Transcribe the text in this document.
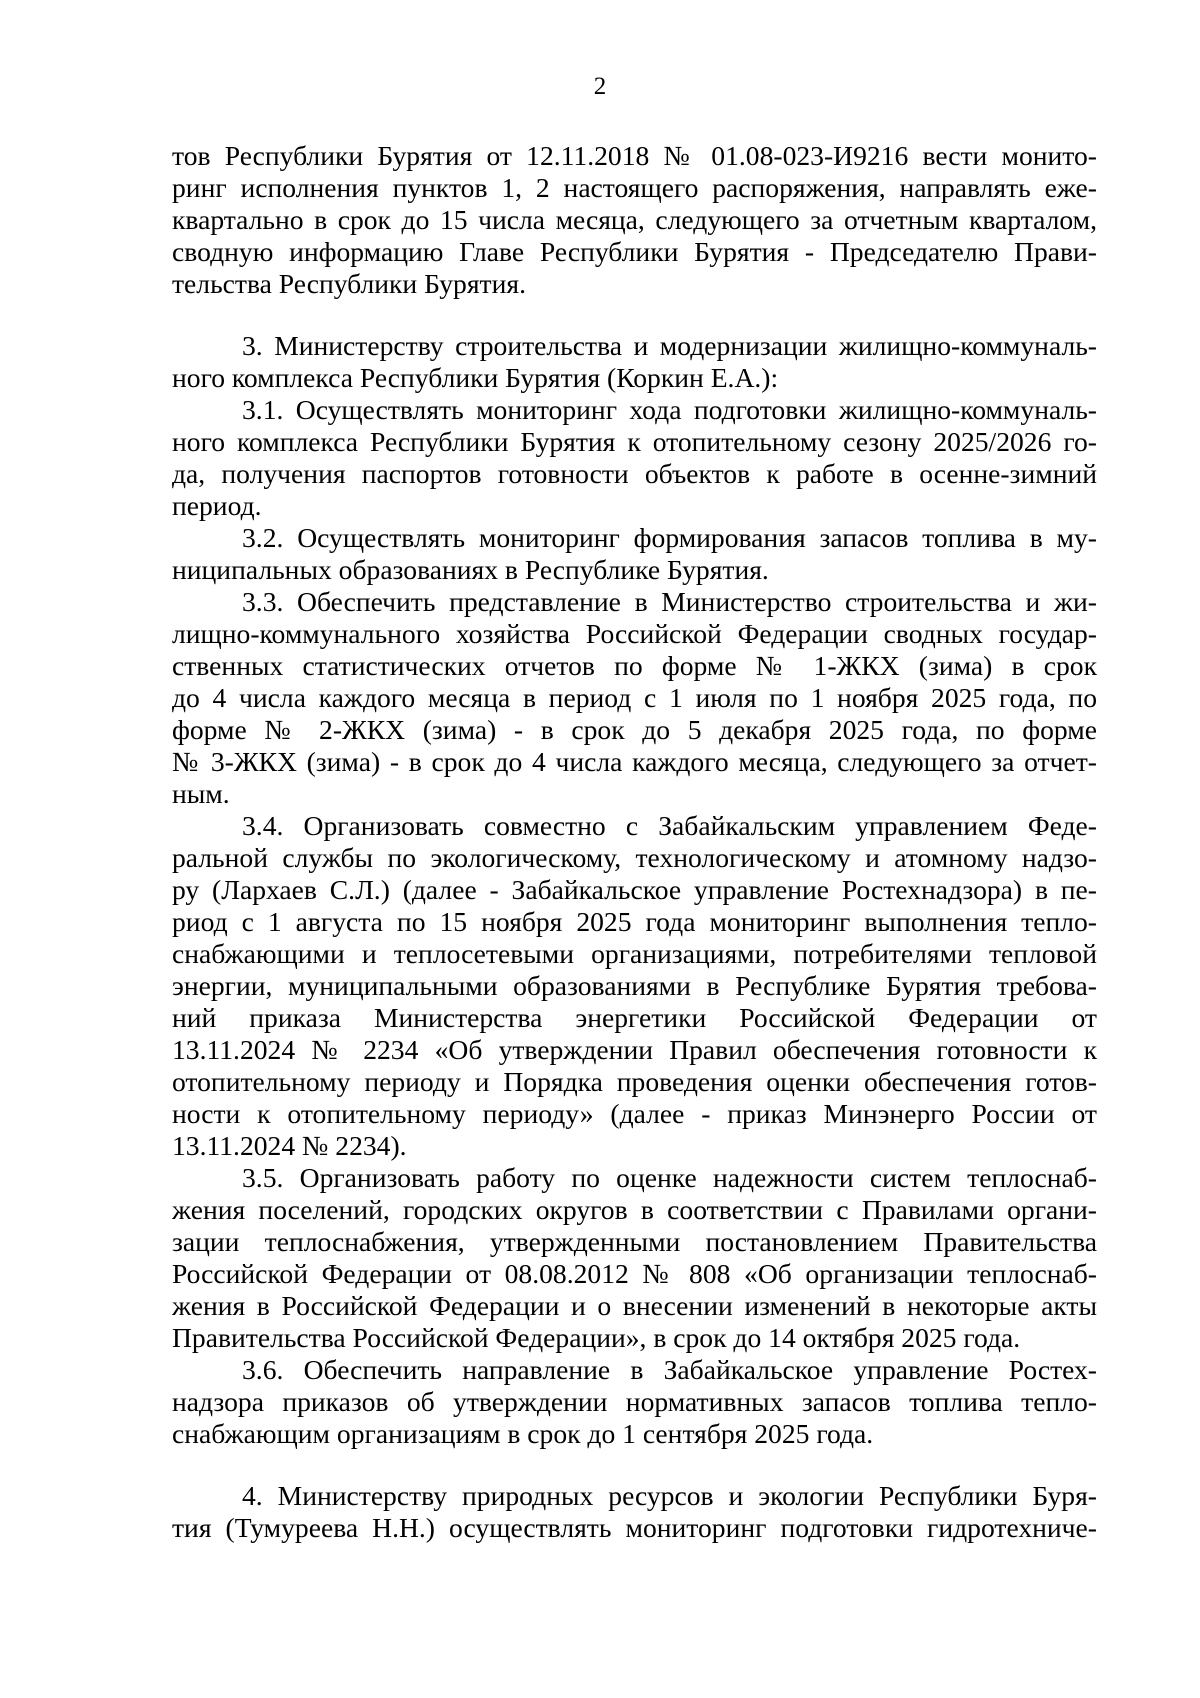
2
тов Республики Бурятия от 12.11.2018 № 01.08-023-И9216 вести монито-
ринг исполнения пунктов 1, 2 настоящего распоряжения, направлять еже-
квартально в срок до 15 числа месяца, следующего за отчетным кварталом,
сводную информацию Главе Республики Бурятия - Председателю Прави-
тельства Республики Бурятия.
3. Министерству строительства и модернизации жилищно-коммуналь-
ного комплекса Республики Бурятия (Коркин Е.А.):
3.1. Осуществлять мониторинг хода подготовки жилищно-коммуналь-
ного комплекса Республики Бурятия к отопительному сезону 2025/2026 го-
да, получения паспортов готовности объектов к работе в осенне-зимний
период.
3.2. Осуществлять мониторинг формирования запасов топлива в му-
ниципальных образованиях в Республике Бурятия.
3.3. Обеспечить представление в Министерство строительства и жи-
лищно-коммунального хозяйства Российской Федерации сводных государ-
ственных статистических отчетов по форме № 1-ЖКХ (зима) в срок
до 4 числа каждого месяца в период с 1 июля по 1 ноября 2025 года, по
форме № 2-ЖКХ (зима) - в срок до 5 декабря 2025 года, по форме
№ 3-ЖКХ (зима) - в срок до 4 числа каждого месяца, следующего за отчет-
ным.
3.4. Организовать совместно с Забайкальским управлением Феде-
ральной службы по экологическому, технологическому и атомному надзо-
ру (Лархаев С.Л.) (далее - Забайкальское управление Ростехнадзора) в пе-
риод с 1 августа по 15 ноября 2025 года мониторинг выполнения тепло-
снабжающими и теплосетевыми организациями, потребителями тепловой
энергии, муниципальными образованиями в Республике Бурятия требова-
ний приказа Министерства энергетики Российской Федерации от
13.11.2024 № 2234 «Об утверждении Правил обеспечения готовности к
отопительному периоду и Порядка проведения оценки обеспечения готов-
ности к отопительному периоду» (далее - приказ Минэнерго России от
13.11.2024 № 2234).
3.5. Организовать работу по оценке надежности систем теплоснаб-
жения поселений, городских округов в соответствии с Правилами органи-
зации теплоснабжения, утвержденными постановлением Правительства
Российской Федерации от 08.08.2012 № 808 «Об организации теплоснаб-
жения в Российской Федерации и о внесении изменений в некоторые акты
Правительства Российской Федерации», в срок до 14 октября 2025 года.
3.6. Обеспечить направление в Забайкальское управление Ростех-
надзора приказов об утверждении нормативных запасов топлива тепло-
снабжающим организациям в срок до 1 сентября 2025 года.
4. Министерству природных ресурсов и экологии Республики Буря-
тия (Тумуреева Н.Н.) осуществлять мониторинг подготовки гидротехниче-
